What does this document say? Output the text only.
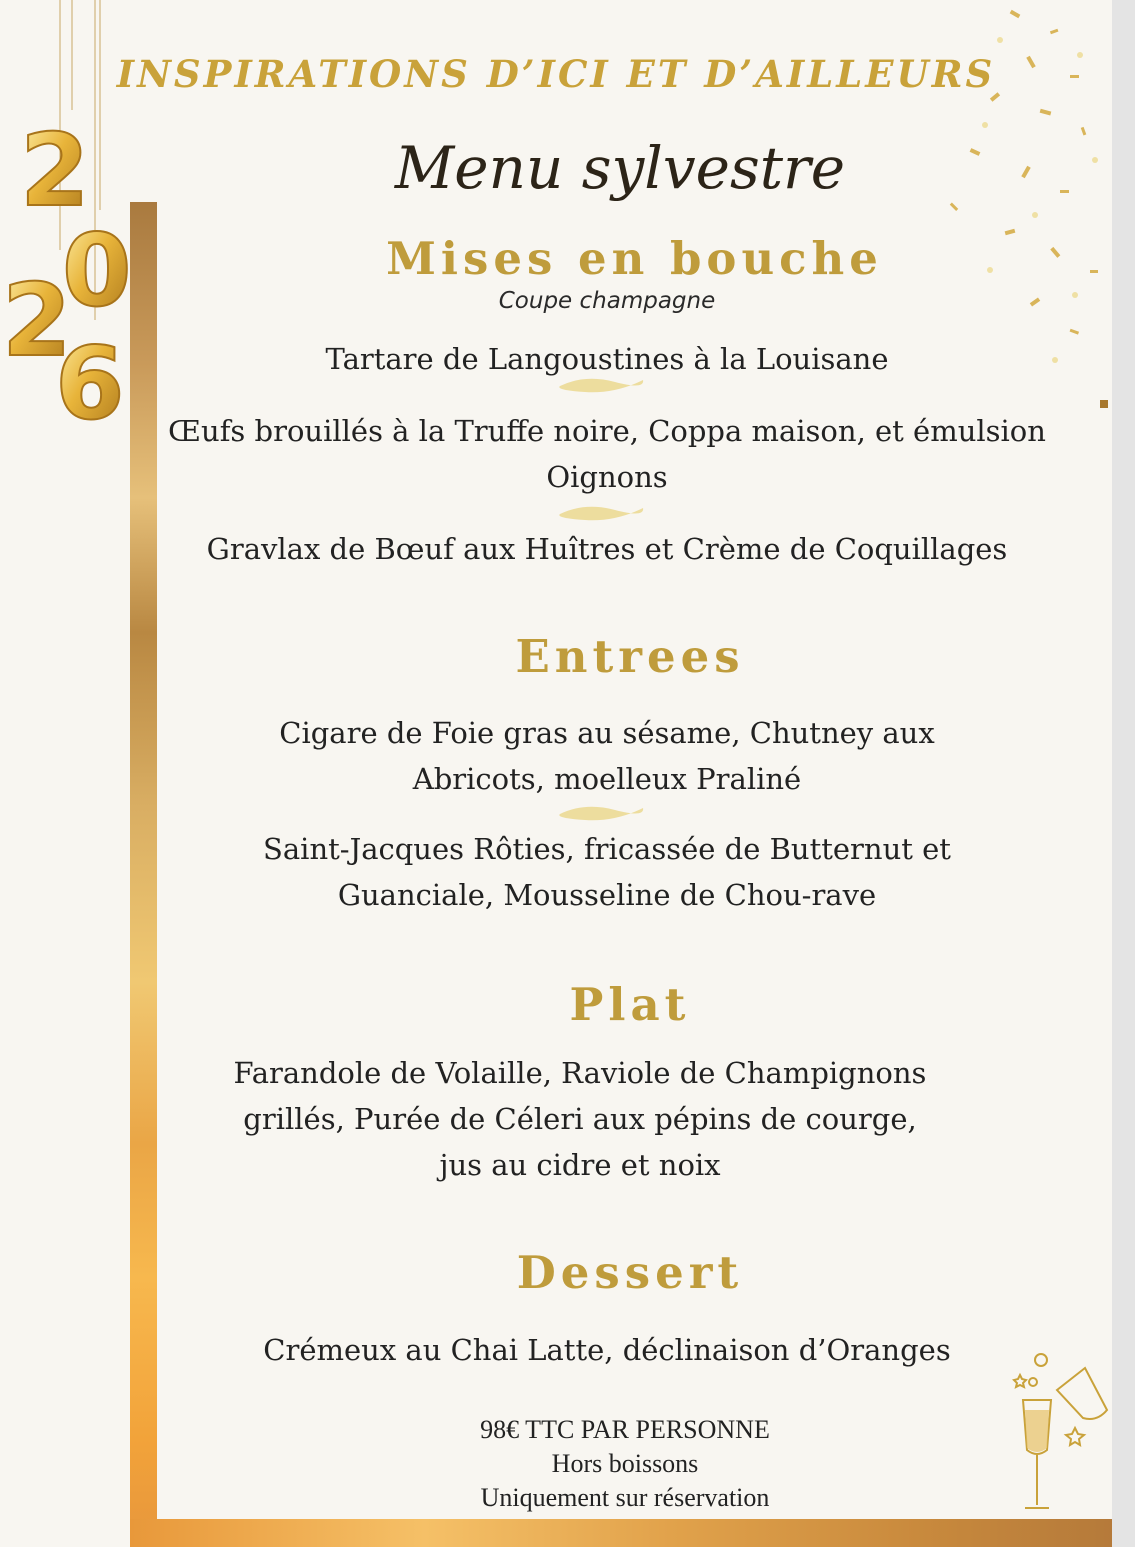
2
0
2
6
INSPIRATIONS D’ICI ET D’AILLEURS
Menu sylvestre
Mises en bouche
Coupe champagne
Tartare de Langoustines à la Louisane
Œufs brouillés à la Truffe noire, Coppa maison, et émulsion
Oignons
Gravlax de Bœuf aux Huîtres et Crème de Coquillages
Entrees
Cigare de Foie gras au sésame, Chutney aux
Abricots, moelleux Praliné
Saint-Jacques Rôties, fricassée de Butternut et
Guanciale, Mousseline de Chou-rave
Plat
Farandole de Volaille, Raviole de Champignons
grillés, Purée de Céleri aux pépins de courge,
jus au cidre et noix
Dessert
Crémeux au Chai Latte, déclinaison d’Oranges
98€ TTC PAR PERSONNE
Hors boissons
Uniquement sur réservation
